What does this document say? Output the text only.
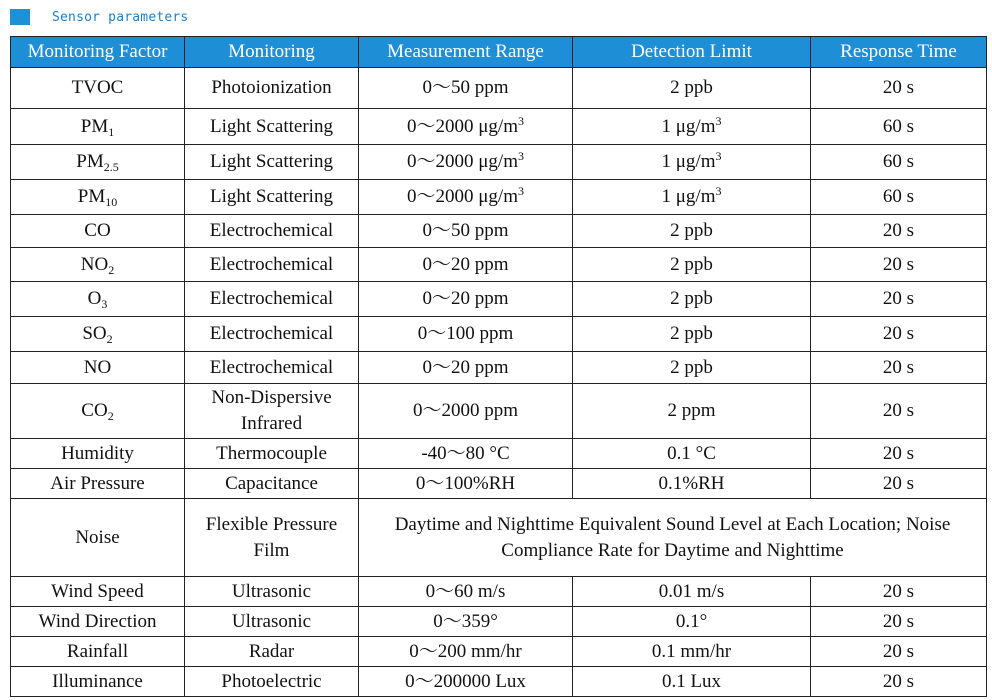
Sensor parameters
Monitoring Factor	Monitoring	Measurement Range	Detection Limit	Response Time
TVOC	Photoionization	0～50 ppm	2 ppb	20 s
$PM_1$	Light Scattering	0～2000 $\mu g/m^3$	1 $\mu g/m^3$	60 s
$PM_{2.5}$	Light Scattering	0～2000 $\mu g/m^3$	1 $\mu g/m^3$	60 s
$PM_{10}$	Light Scattering	0～2000 $\mu g/m^3$	1 $\mu g/m^3$	60 s
CO	Electrochemical	0～50 ppm	2 ppb	20 s
$NO_2$	Electrochemical	0～20 ppm	2 ppb	20 s
$O_3$	Electrochemical	0～20 ppm	2 ppb	20 s
$SO_2$	Electrochemical	0～100 ppm	2 ppb	20 s
NO	Electrochemical	0～20 ppm	2 ppb	20 s
$CO_2$	Non-Dispersive Infrared	0～2000 ppm	2 ppm	20 s
Humidity	Thermocouple	-40～80 °C	0.1 °C	20 s
Air Pressure	Capacitance	0～100%RH	0.1%RH	20 s
Noise	Flexible Pressure Film	Daytime and Nighttime Equivalent Sound Level at Each Location; Noise Compliance Rate for Daytime and Nighttime		
Wind Speed	Ultrasonic	0～60 m/s	0.01 m/s	20 s
Wind Direction	Ultrasonic	0～359°	0.1°	20 s
Rainfall	Radar	0～200 mm/hr	0.1 mm/hr	20 s
Illuminance	Photoelectric	0～200000 Lux	0.1 Lux	20 s
